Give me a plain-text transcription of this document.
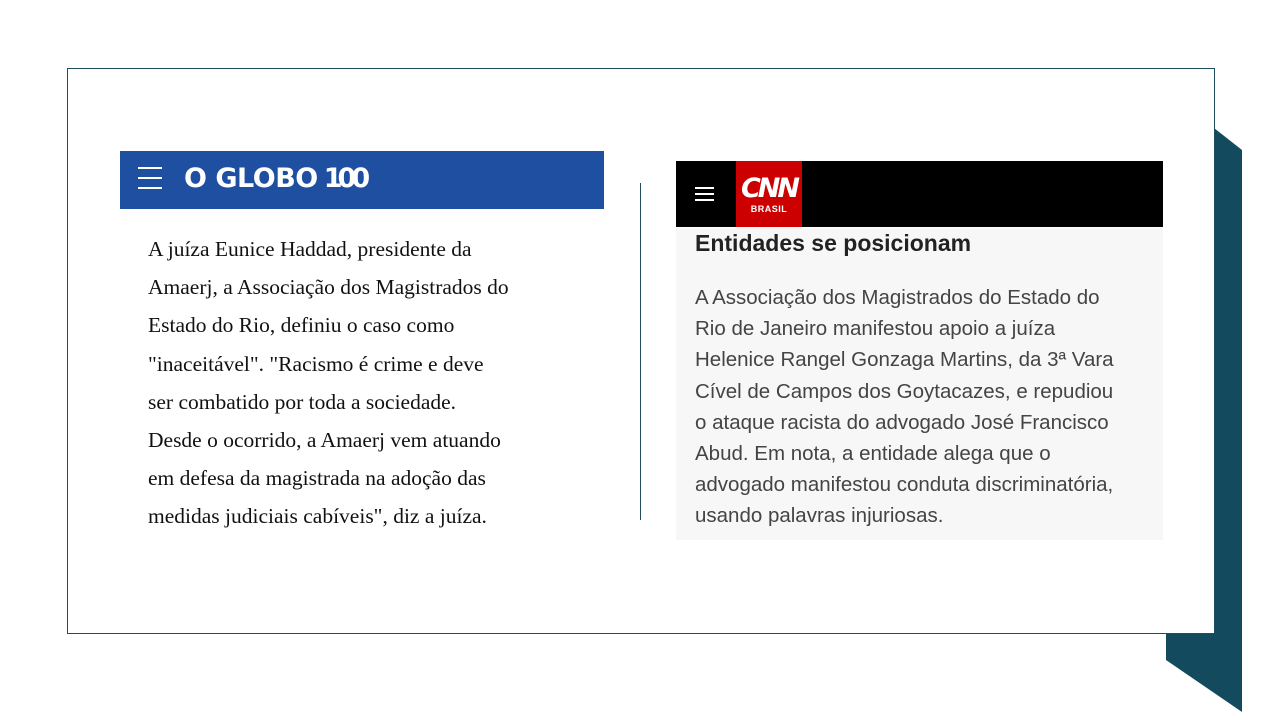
O GLOBO 100
A juíza Eunice Haddad, presidente da
Amaerj, a Associação dos Magistrados do
Estado do Rio, definiu o caso como
"inaceitável". "Racismo é crime e deve
ser combatido por toda a sociedade.
Desde o ocorrido, a Amaerj vem atuando
em defesa da magistrada na adoção das
medidas judiciais cabíveis", diz a juíza.
CNN
BRASIL
Entidades se posicionam
A Associação dos Magistrados do Estado do
Rio de Janeiro manifestou apoio a juíza
Helenice Rangel Gonzaga Martins, da 3ª Vara
Cível de Campos dos Goytacazes, e repudiou
o ataque racista do advogado José Francisco
Abud. Em nota, a entidade alega que o
advogado manifestou conduta discriminatória,
usando palavras injuriosas.
